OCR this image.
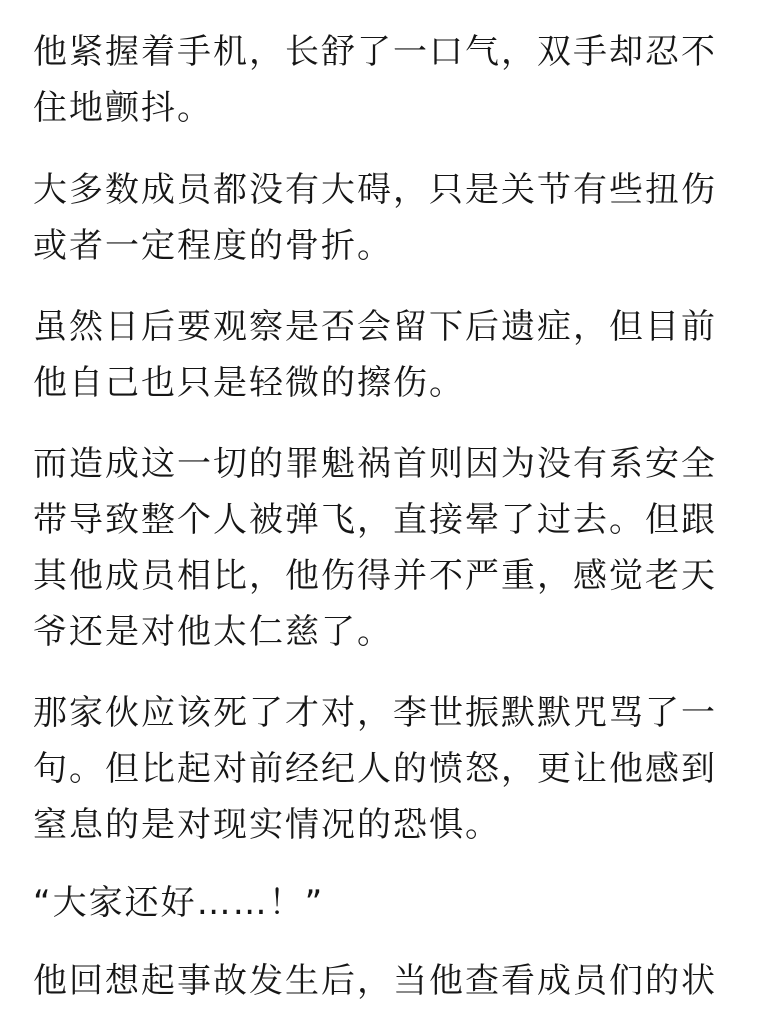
他紧握着手机，长舒了一口气，双手却忍不

住地颤抖。

大多数成员都没有大碍，只是关节有些扭伤

或者一定程度的骨折。

虽然日后要观察是否会留下后遗症，但目前

他自己也只是轻微的擦伤。

而造成这一切的罪魁祸首则因为没有系安全

带导致整个人被弹飞，直接晕了过去。但跟

其他成员相比，他伤得并不严重，感觉老天

爷还是对他太仁慈了。

那家伙应该死了才对，李世振默默咒骂了一

句。但比起对前经纪人的愤怒，更让他感到

窒息的是对现实情况的恐惧。

“大家还好……！”

他回想起事故发生后，当他查看成员们的状
